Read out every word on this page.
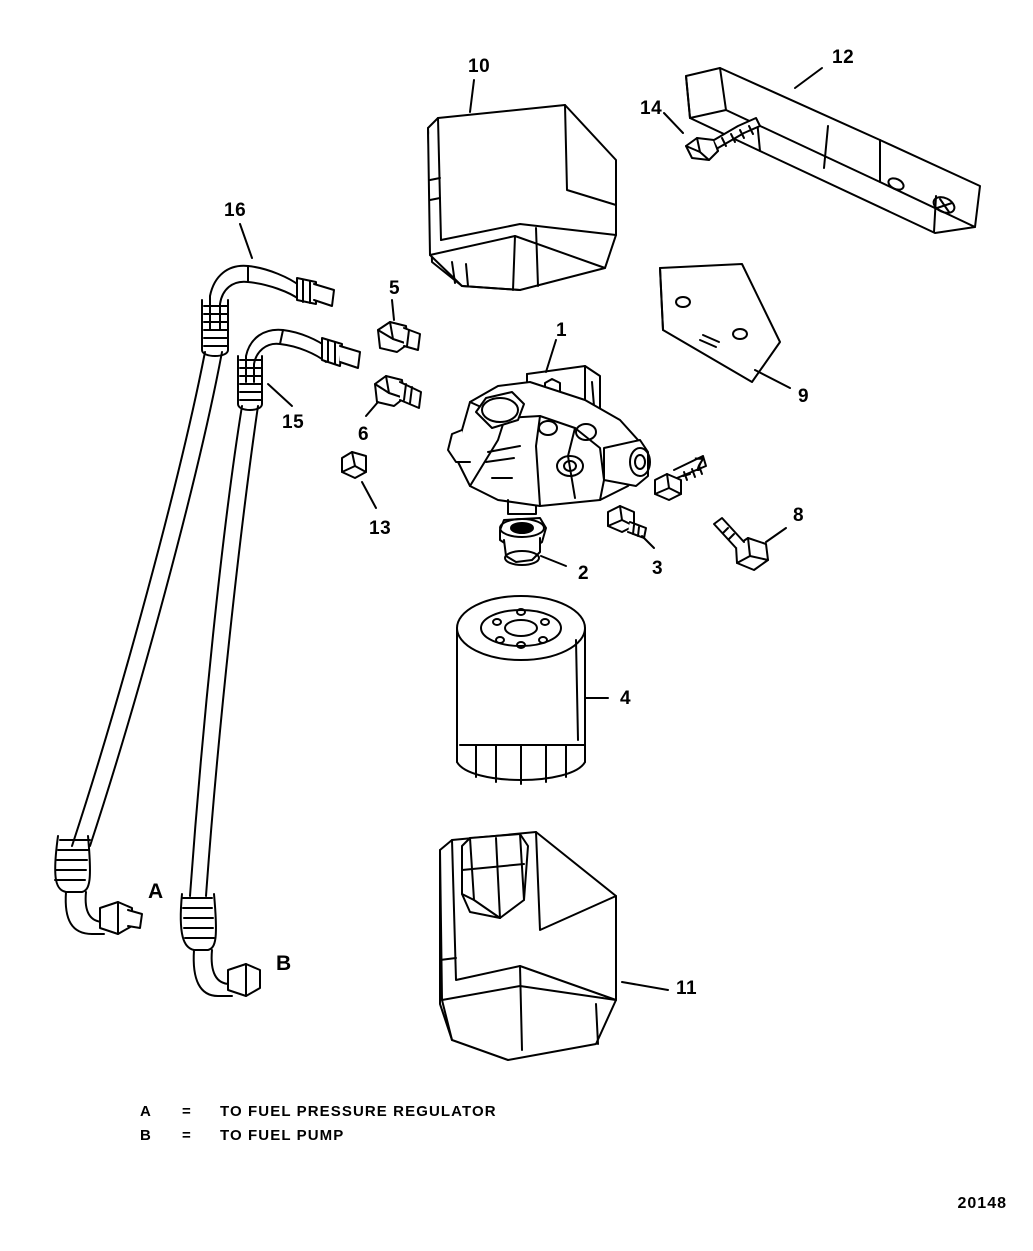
1
2	3
4
5
6
7
8
9
10
11
12
13
14
15
16
A
B
A	=	TO FUEL PRESSURE REGULATOR
B	=	TO FUEL PUMP
20148
